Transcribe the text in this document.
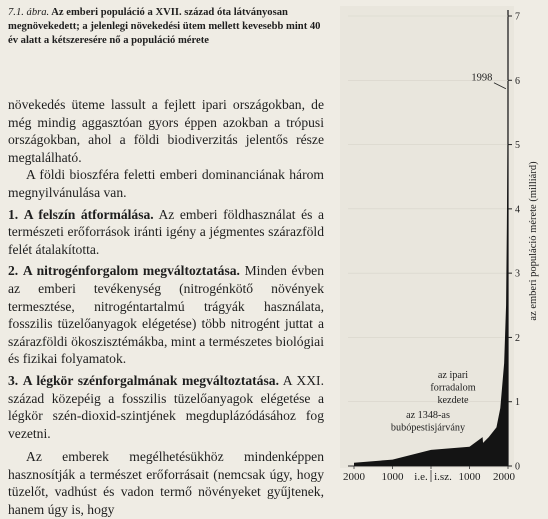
7.1. ábra. Az emberi populáció a XVII. század óta látványosan megnövekedett; a jelenlegi növekedési ütem mellett kevesebb mint 40 év alatt a kétszeresére nő a populáció mérete

növekedés üteme lassult a fejlett ipari országokban, de még mindig aggasztóan gyors éppen azokban a trópusi országokban, ahol a földi biodiverzitás jelentős része megtalálható.

A földi bioszféra feletti emberi dominanciának három megnyilvánulása van.

1. A felszín átformálása. Az emberi földhasználat és a természeti erőforrások iránti igény a jégmentes szárazföld felét átalakította.

2. A nitrogénforgalom megváltoztatása. Minden évben az emberi tevékenység (nitrogénkötő növények termesztése, nitrogéntartalmú trágyák használata, fosszilis tüzelőanyagok elégetése) több nitrogént juttat a szárazföldi ökoszisztémákba, mint a természetes biológiai és fizikai folyamatok.

3. A légkör szénforgalmának megváltoztatása. A XXI. század közepéig a fosszilis tüzelőanyagok elégetése a légkör szén-dioxid-szintjének megduplázódásához fog vezetni.

Az emberek megélhetésükhöz mindenképpen hasznosítják a természet erőforrásait (nemcsak úgy, hogy tüzelőt, vadhúst és vadon termő növényeket gyűjtenek, hanem úgy is, hogy

0
1
2
3
4
5
6
7
2000 1000 i.e. i.sz. 1000 2000
az emberi populáció mérete (milliárd)
1998
az ipari forradalom kezdete
az 1348-as bubópestisjárvány
